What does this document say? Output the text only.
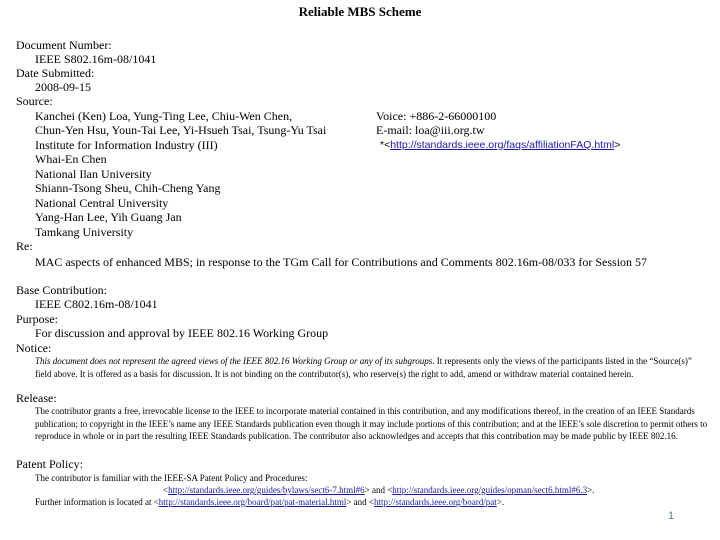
Reliable MBS Scheme
Document Number:
IEEE S802.16m-08/1041
Date Submitted:
2008-09-15
Source:
Kanchei (Ken) Loa, Yung-Ting Lee, Chiu-Wen Chen,
Chun-Yen Hsu, Youn-Tai Lee, Yi-Hsueh Tsai, Tsung-Yu Tsai
Institute for Information Industry (III)
Whai-En Chen
National Ilan University
Shiann-Tsong Sheu, Chih-Cheng Yang
National Central University
Yang-Han Lee, Yih Guang Jan
Tamkang University
Voice: +886-2-66000100
E-mail: loa@iii.org.tw
*<http://standards.ieee.org/faqs/affiliationFAQ.html>
Re:
MAC aspects of enhanced MBS; in response to the TGm Call for Contributions and Comments 802.16m-08/033 for Session 57
Base Contribution:
IEEE C802.16m-08/1041
Purpose:
For discussion and approval by IEEE 802.16 Working Group
Notice:
This document does not represent the agreed views of the IEEE 802.16 Working Group or any of its subgroups. It represents only the views of the participants listed in the “Source(s)” field above. It is offered as a basis for discussion. It is not binding on the contributor(s), who reserve(s) the right to add, amend or withdraw material contained herein.
Release:
The contributor grants a free, irrevocable license to the IEEE to incorporate material contained in this contribution, and any modifications thereof, in the creation of an IEEE Standards publication; to copyright in the IEEE’s name any IEEE Standards publication even though it may include portions of this contribution; and at the IEEE’s sole discretion to permit others to reproduce in whole or in part the resulting IEEE Standards publication. The contributor also acknowledges and accepts that this contribution may be made public by IEEE 802.16.
Patent Policy:
The contributor is familiar with the IEEE-SA Patent Policy and Procedures:
<http://standards.ieee.org/guides/bylaws/sect6-7.html#6> and <http://standards.ieee.org/guides/opman/sect6.html#6.3>.
Further information is located at <http://standards.ieee.org/board/pat/pat-material.html> and <http://standards.ieee.org/board/pat>.
1
